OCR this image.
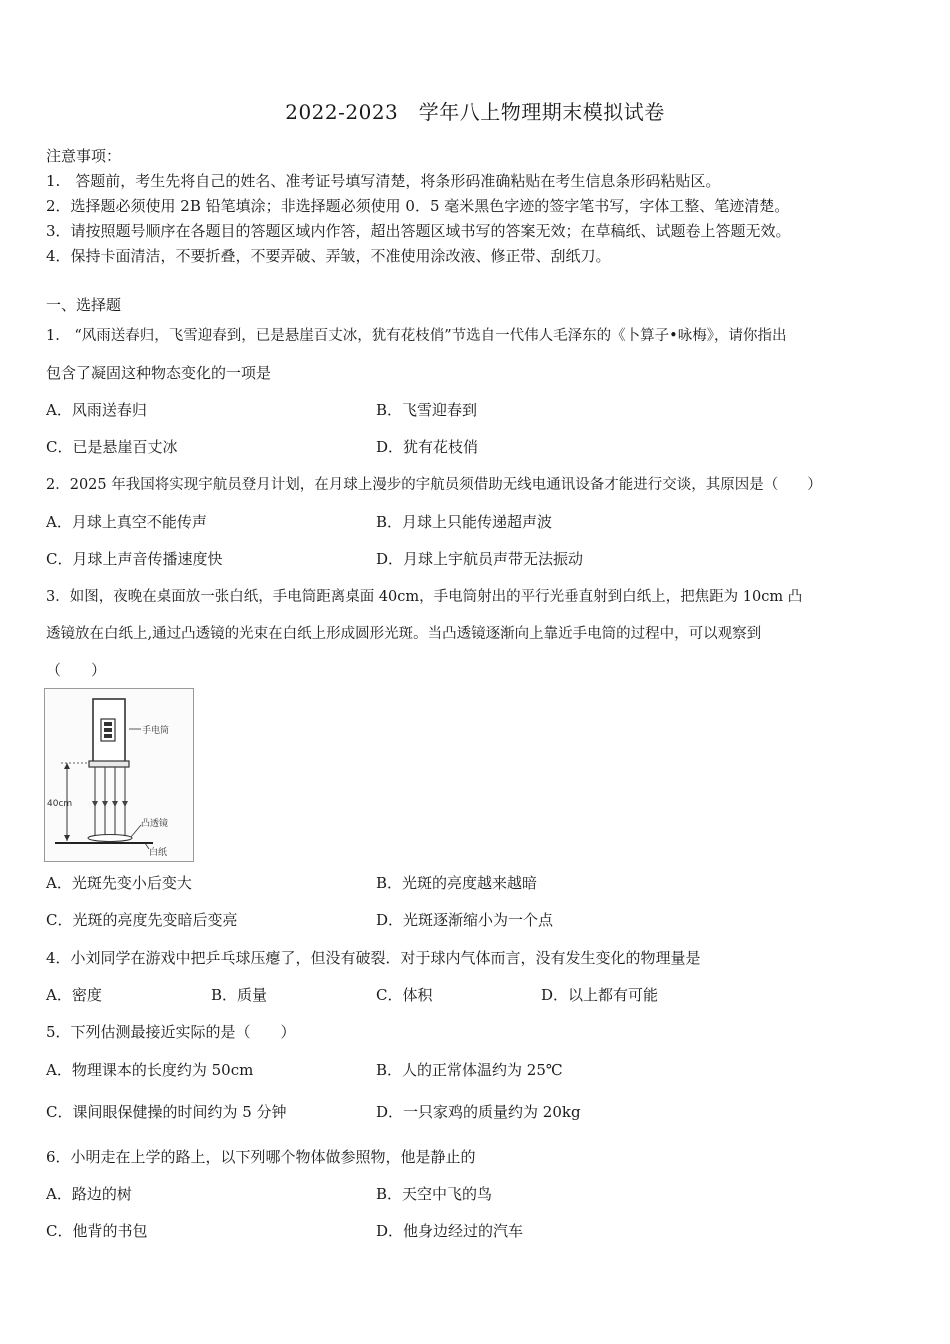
2022-2023　学年八上物理期末模拟试卷
注意事项：
1.　答题前，考生先将自己的姓名、准考证号填写清楚，将条形码准确粘贴在考生信息条形码粘贴区。
2．选择题必须使用 2B 铅笔填涂；非选择题必须使用 0．5 毫米黑色字迹的签字笔书写，字体工整、笔迹清楚。
3．请按照题号顺序在各题目的答题区域内作答，超出答题区域书写的答案无效；在草稿纸、试题卷上答题无效。
4．保持卡面清洁，不要折叠，不要弄破、弄皱，不准使用涂改液、修正带、刮纸刀。
一、选择题
1.　“风雨送春归，飞雪迎春到，已是悬崖百丈冰，犹有花枝俏”节选自一代伟人毛泽东的《卜算子•咏梅》，请你指出
包含了凝固这种物态变化的一项是
A．风雨送春归	B．飞雪迎春到
C．已是悬崖百丈冰	D．犹有花枝俏
2．2025 年我国将实现宇航员登月计划，在月球上漫步的宇航员须借助无线电通讯设备才能进行交谈，其原因是（　　）
A．月球上真空不能传声	B．月球上只能传递超声波
C．月球上声音传播速度快	D．月球上宇航员声带无法振动
3．如图，夜晚在桌面放一张白纸，手电筒距离桌面 40cm，手电筒射出的平行光垂直射到白纸上，把焦距为 10cm 凸
透镜放在白纸上,通过凸透镜的光束在白纸上形成圆形光斑。当凸透镜逐渐向上靠近手电筒的过程中，可以观察到
（　　）
手电筒
40cm
凸透镜
白纸
A．光斑先变小后变大	B．光斑的亮度越来越暗
C．光斑的亮度先变暗后变亮	D．光斑逐渐缩小为一个点
4．小刘同学在游戏中把乒乓球压瘪了，但没有破裂．对于球内气体而言，没有发生变化的物理量是
A．密度	B．质量	C．体积	D．以上都有可能
5．下列估测最接近实际的是（　　）
A．物理课本的长度约为 50cm	B．人的正常体温约为 25℃
C．课间眼保健操的时间约为 5 分钟	D．一只家鸡的质量约为 20kg
6．小明走在上学的路上，以下列哪个物体做参照物，他是静止的
A．路边的树	B．天空中飞的鸟
C．他背的书包	D．他身边经过的汽车
